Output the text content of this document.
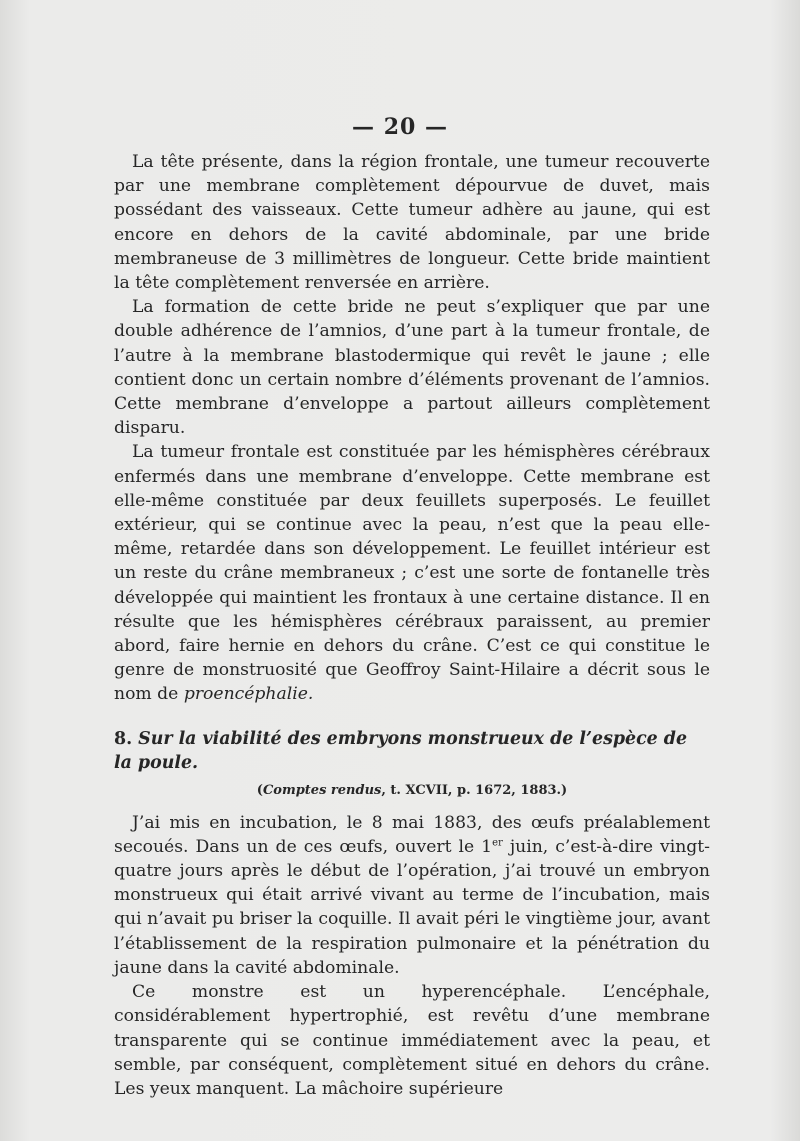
— 20 —

La tête présente, dans la région frontale, une tumeur recouverte par une membrane complètement dépourvue de duvet, mais possédant des vaisseaux. Cette tumeur adhère au jaune, qui est encore en dehors de la cavité abdominale, par une bride membraneuse de 3 millimètres de longueur. Cette bride maintient la tête complètement renversée en arrière.

La formation de cette bride ne peut s’expliquer que par une double adhérence de l’amnios, d’une part à la tumeur frontale, de l’autre à la membrane blastodermique qui revêt le jaune ; elle contient donc un certain nombre d’éléments provenant de l’amnios. Cette membrane d’enveloppe a partout ailleurs complètement disparu.

La tumeur frontale est constituée par les hémisphères cérébraux enfermés dans une membrane d’enveloppe. Cette membrane est elle-même constituée par deux feuillets superposés. Le feuillet extérieur, qui se continue avec la peau, n’est que la peau elle-même, retardée dans son développement. Le feuillet intérieur est un reste du crâne membraneux ; c’est une sorte de fontanelle très développée qui maintient les frontaux à une certaine distance. Il en résulte que les hémisphères cérébraux paraissent, au premier abord, faire hernie en dehors du crâne. C’est ce qui constitue le genre de monstruosité que Geoffroy Saint-Hilaire a décrit sous le nom de proencéphalie.

8. Sur la viabilité des embryons monstrueux de l’espèce de la poule.

(Comptes rendus, t. XCVII, p. 1672, 1883.)

J’ai mis en incubation, le 8 mai 1883, des œufs préalablement secoués. Dans un de ces œufs, ouvert le 1er juin, c’est-à-dire vingt-quatre jours après le début de l’opération, j’ai trouvé un embryon monstrueux qui était arrivé vivant au terme de l’incubation, mais qui n’avait pu briser la coquille. Il avait péri le vingtième jour, avant l’établissement de la respiration pulmonaire et la pénétration du jaune dans la cavité abdominale.

Ce monstre est un hyperencéphale. L’encéphale, considérablement hypertrophié, est revêtu d’une membrane transparente qui se continue immédiatement avec la peau, et semble, par conséquent, complètement situé en dehors du crâne. Les yeux manquent. La mâchoire supérieure
